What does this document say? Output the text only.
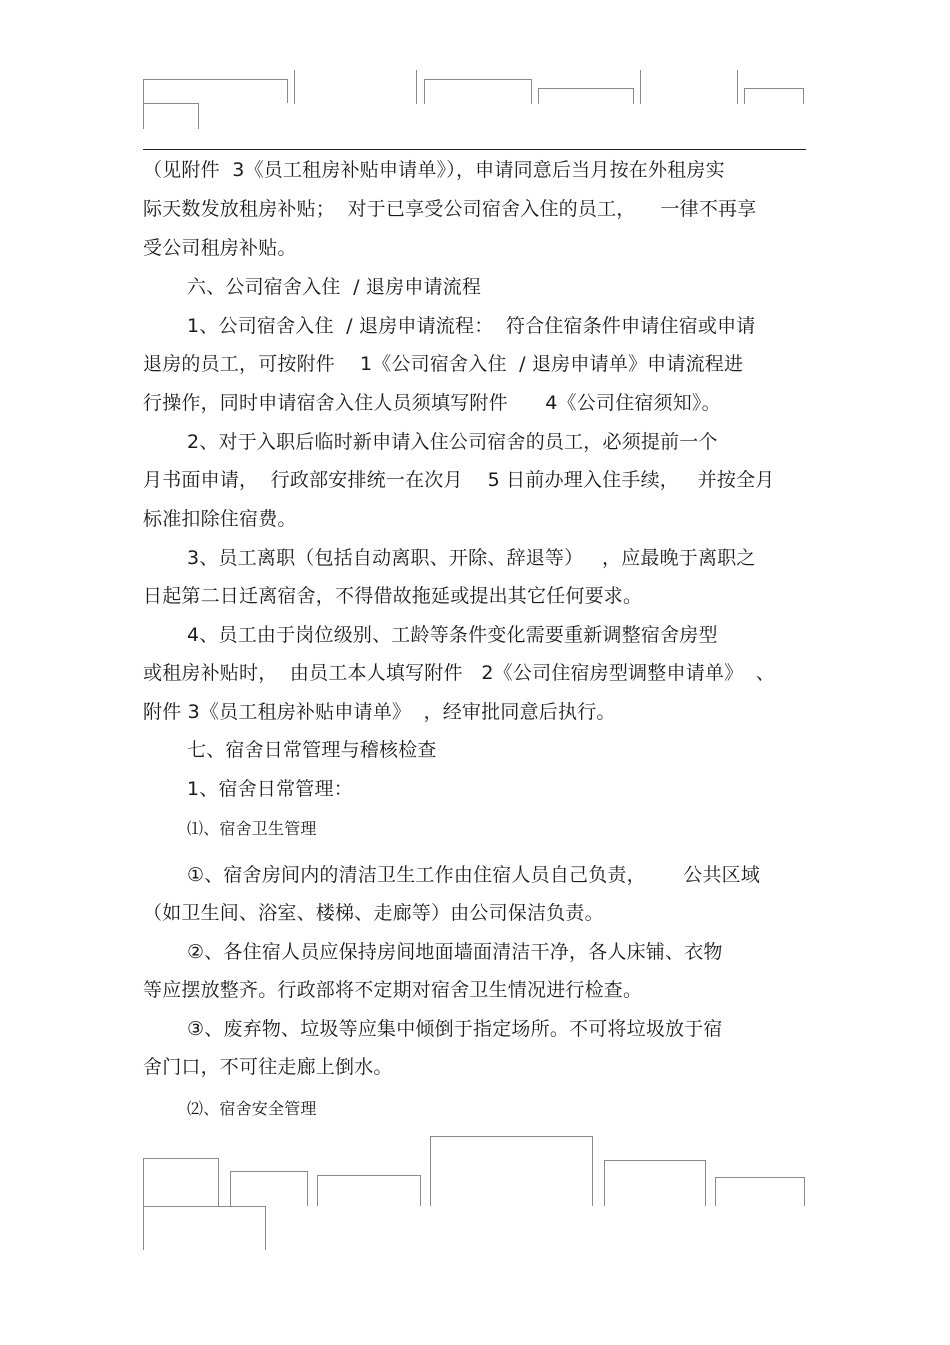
（见附件  3《员工租房补贴申请单》），申请同意后当月按在外租房实
际天数发放租房补贴；  对于已享受公司宿舍入住的员工，    一律不再享
受公司租房补贴。
六、公司宿舍入住  / 退房申请流程
1、公司宿舍入住  / 退房申请流程：  符合住宿条件申请住宿或申请
退房的员工，可按附件    1《公司宿舍入住  / 退房申请单》申请流程进
行操作，同时申请宿舍入住人员须填写附件      4《公司住宿须知》。
2、对于入职后临时新申请入住公司宿舍的员工，必须提前一个
月书面申请，  行政部安排统一在次月    5 日前办理入住手续，   并按全月
标准扣除住宿费。
3、员工离职（包括自动离职、开除、辞退等）   ，应最晚于离职之
日起第二日迁离宿舍，不得借故拖延或提出其它任何要求。
4、员工由于岗位级别、工龄等条件变化需要重新调整宿舍房型
或租房补贴时，  由员工本人填写附件   2《公司住宿房型调整申请单》  、
附件 3《员工租房补贴申请单》  ，经审批同意后执行。
七、宿舍日常管理与稽核检查
1、宿舍日常管理：
⑴、宿舍卫生管理
①、宿舍房间内的清洁卫生工作由住宿人员自己负责，      公共区域
（如卫生间、浴室、楼梯、走廊等）由公司保洁负责。
②、各住宿人员应保持房间地面墙面清洁干净，各人床铺、衣物
等应摆放整齐。行政部将不定期对宿舍卫生情况进行检查。
③、废弃物、垃圾等应集中倾倒于指定场所。不可将垃圾放于宿
舍门口，不可往走廊上倒水。
⑵、宿舍安全管理
